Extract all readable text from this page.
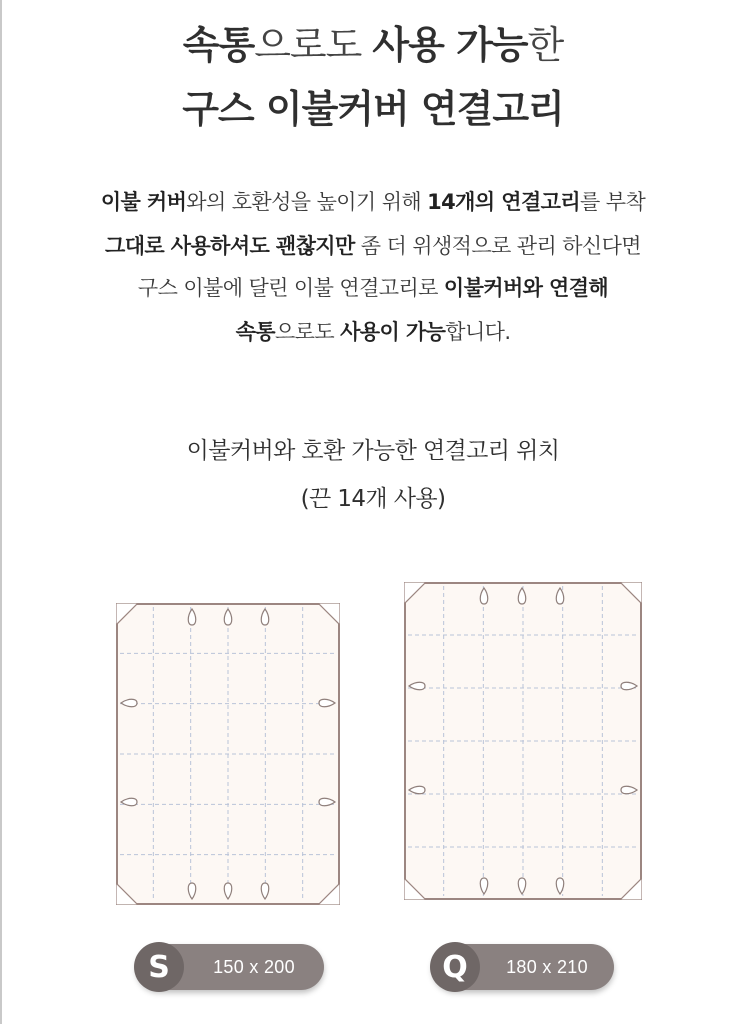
속통으로도 사용 가능한
구스 이불커버 연결고리
이불 커버와의 호환성을 높이기 위해 14개의 연결고리를 부착
그대로 사용하셔도 괜찮지만 좀 더 위생적으로 관리 하신다면
구스 이불에 달린 이불 연결고리로 이불커버와 연결해
속통으로도 사용이 가능합니다.
이불커버와 호환 가능한 연결고리 위치
(끈 14개 사용)
S	150 x 200	Q	180 x 210
